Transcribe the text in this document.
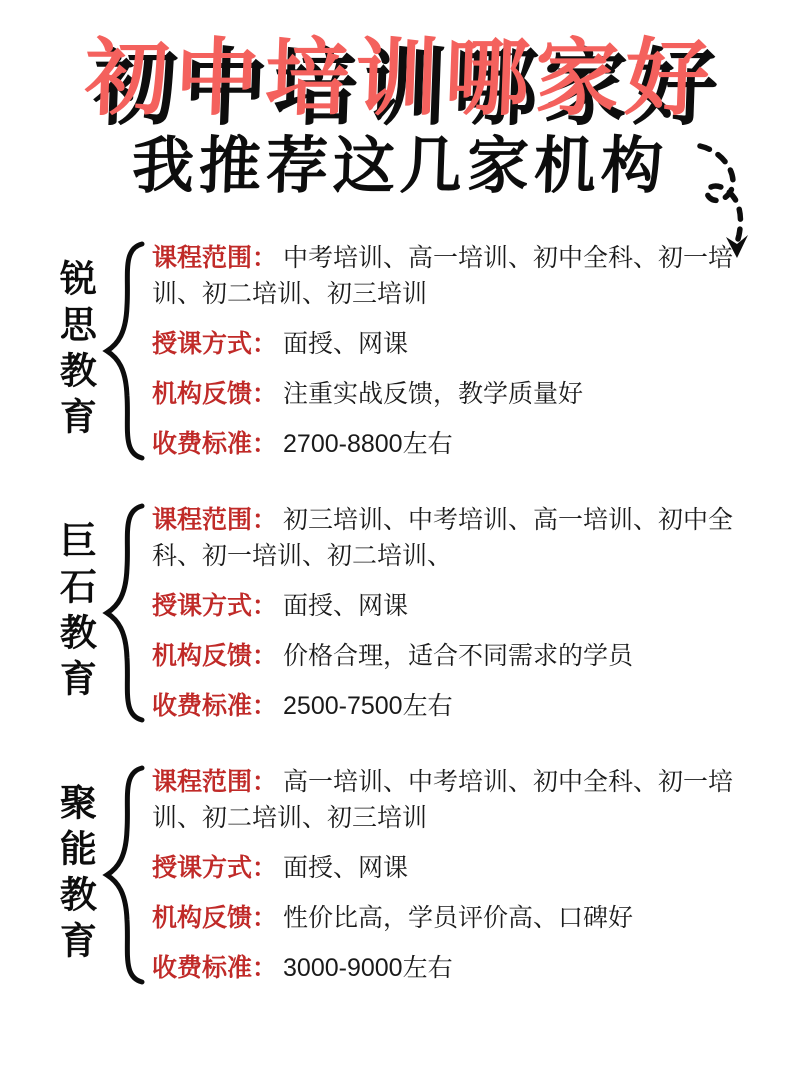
初中培训哪家好
我推荐这几家机构
锐思教育

课程范围： 中考培训、高一培训、初中全科、初一培训、初二培训、初三培训

授课方式： 面授、网课

机构反馈： 注重实战反馈，教学质量好

收费标准： 2700-8800左右

巨石教育

课程范围： 初三培训、中考培训、高一培训、初中全科、初一培训、初二培训、

授课方式： 面授、网课

机构反馈： 价格合理，适合不同需求的学员

收费标准： 2500-7500左右

聚能教育

课程范围： 高一培训、中考培训、初中全科、初一培训、初二培训、初三培训

授课方式： 面授、网课

机构反馈： 性价比高，学员评价高、口碑好

收费标准： 3000-9000左右
